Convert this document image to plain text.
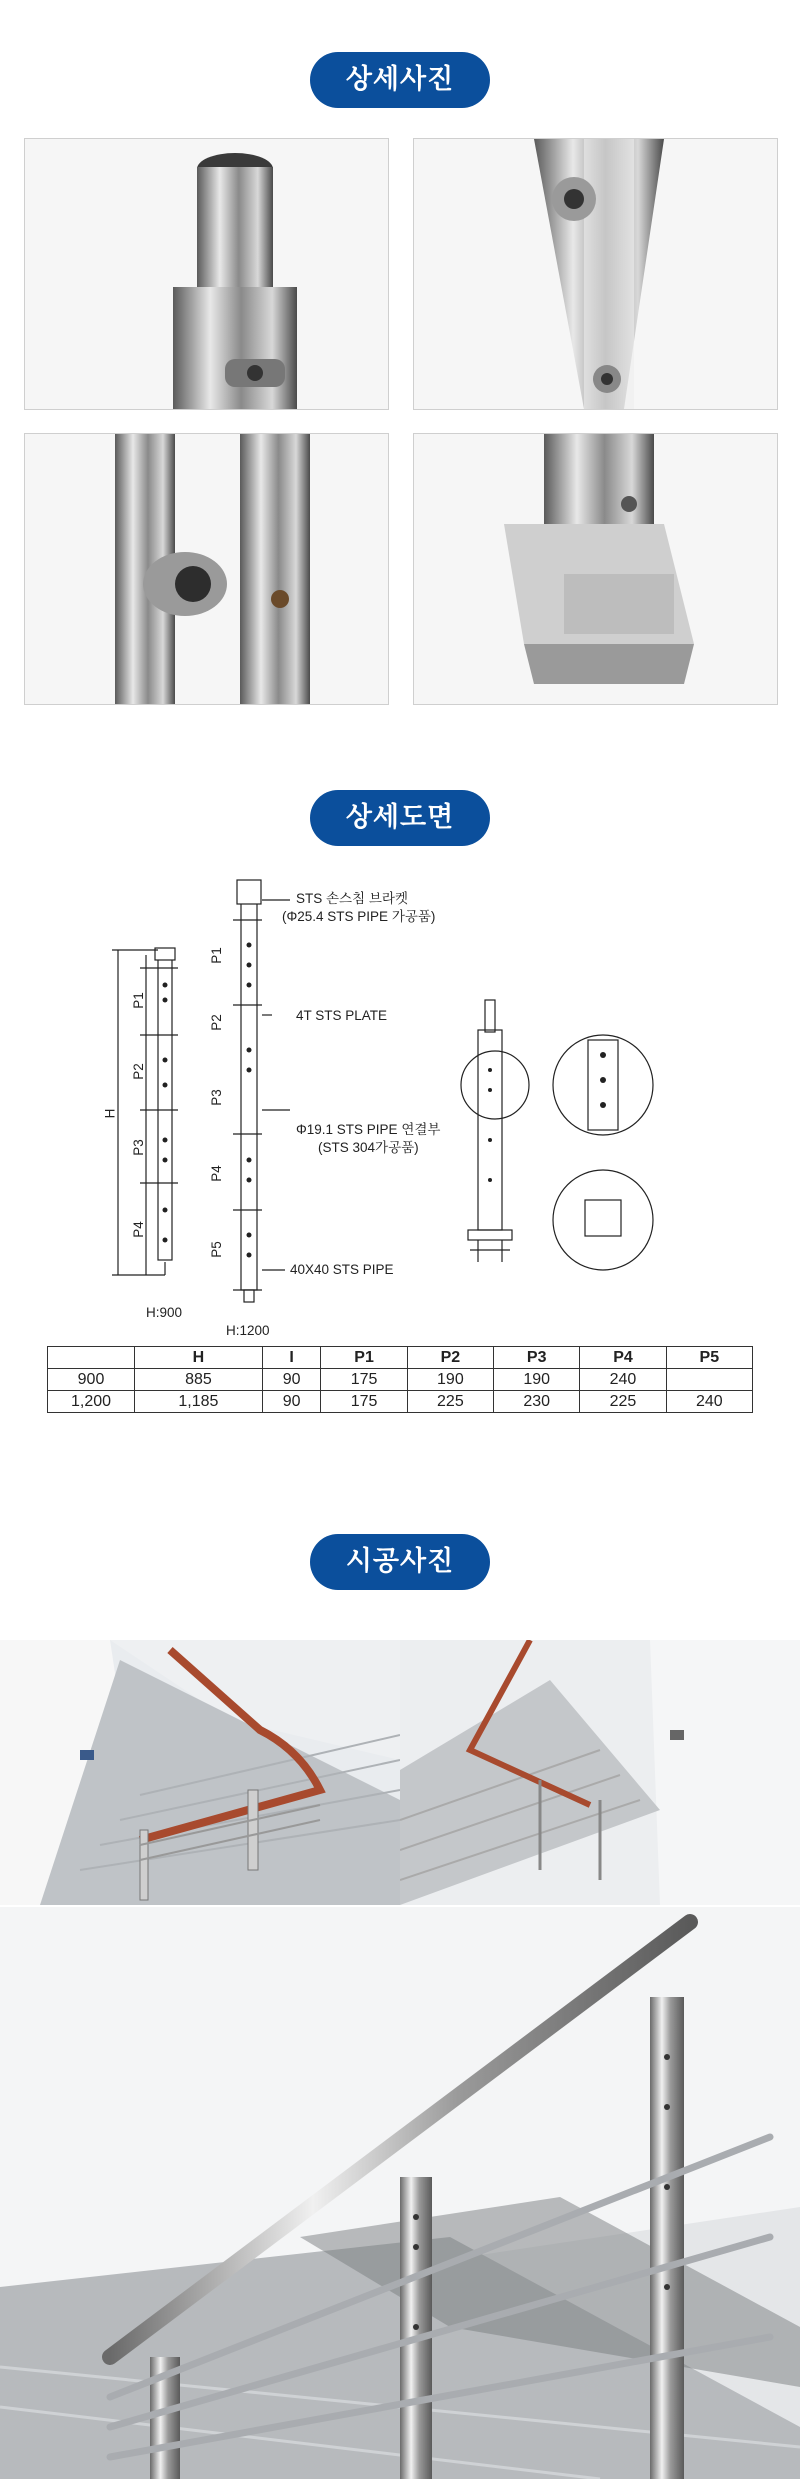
상세사진
상세도면
STS 손스침 브라켓
(Φ25.4 STS PIPE 가공품)
4T STS PLATE
Φ19.1 STS PIPE 연결부
(STS 304가공품)
40X40 STS PIPE
H:900
H:1200
H
P1
P2
P3
P4
P1
P2
P3
P4
P5
	H	I	P1	P2	P3	P4	P5
900	885	90	175	190	190	240	
1,200	1,185	90	175	225	230	225	240
시공사진
